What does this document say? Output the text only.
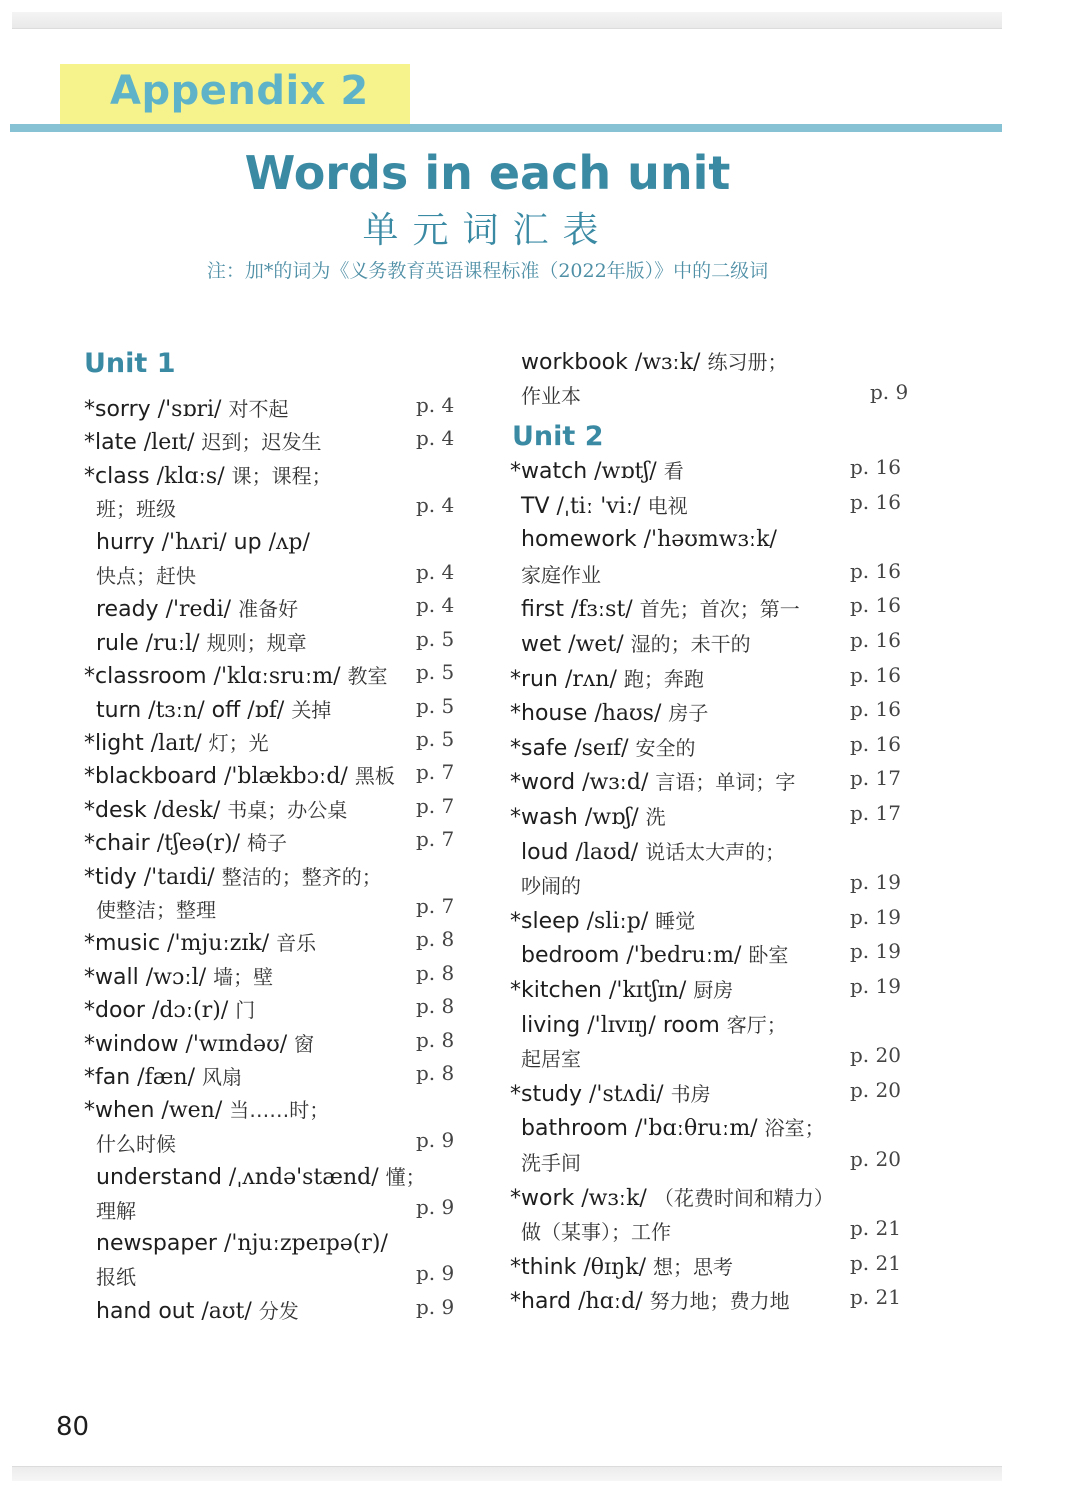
Appendix 2
Words in each unit
单元词汇表
注：加*的词为《义务教育英语课程标准（2022年版）》中的二级词
Unit 1
Unit 2
workbook /wɜːk/ 练习册；
作业本	p. 9
*sorry /'sɒri/ 对不起	p. 4
*late /leɪt/ 迟到；迟发生	p. 4
*class /klɑːs/ 课；课程；
班；班级	p. 4
hurry /'hʌri/ up /ʌp/
快点；赶快	p. 4
ready /'redi/ 准备好	p. 4
rule /ruːl/ 规则；规章	p. 5
*classroom /'klɑːsruːm/ 教室 p. 5
turn /tɜːn/ off /ɒf/ 关掉	p. 5
*light /laɪt/ 灯；光	p. 5
*blackboard /'blækbɔːd/ 黑板 p. 7
*desk /desk/ 书桌；办公桌	p. 7
*chair /tʃeə(r)/ 椅子	p. 7
*tidy /'taɪdi/ 整洁的；整齐的；
使整洁；整理	p. 7
*music /'mjuːzɪk/ 音乐	p. 8
*wall /wɔːl/ 墙；壁	p. 8
*door /dɔː(r)/ 门	p. 8
*window /'wɪndəʊ/ 窗	p. 8
*fan /fæn/ 风扇	p. 8
*when /wen/ 当……时；
什么时候	p. 9
understand /ˌʌndə'stænd/ 懂；
理解	p. 9
newspaper /'njuːzpeɪpə(r)/
报纸	p. 9
hand out /aʊt/ 分发	p. 9
*watch /wɒtʃ/ 看	p. 16
TV /ˌtiː 'viː/ 电视	p. 16
homework /'həʊmwɜːk/
家庭作业	p. 16
first /fɜːst/ 首先；首次；第一	p. 16
wet /wet/ 湿的；未干的	p. 16
*run /rʌn/ 跑；奔跑	p. 16
*house /haʊs/ 房子	p. 16
*safe /seɪf/ 安全的	p. 16
*word /wɜːd/ 言语；单词；字	p. 17
*wash /wɒʃ/ 洗	p. 17
loud /laʊd/ 说话太大声的；
吵闹的	p. 19
*sleep /sliːp/ 睡觉	p. 19
bedroom /'bedruːm/ 卧室	p. 19
*kitchen /'kɪtʃɪn/ 厨房	p. 19
living /'lɪvɪŋ/ room 客厅；
起居室	p. 20
*study /'stʌdi/ 书房	p. 20
bathroom /'bɑːθruːm/ 浴室；
洗手间	p. 20
*work /wɜːk/ （花费时间和精力）
做（某事）；工作	p. 21
*think /θɪŋk/ 想；思考	p. 21
*hard /hɑːd/ 努力地；费力地	p. 21
80
